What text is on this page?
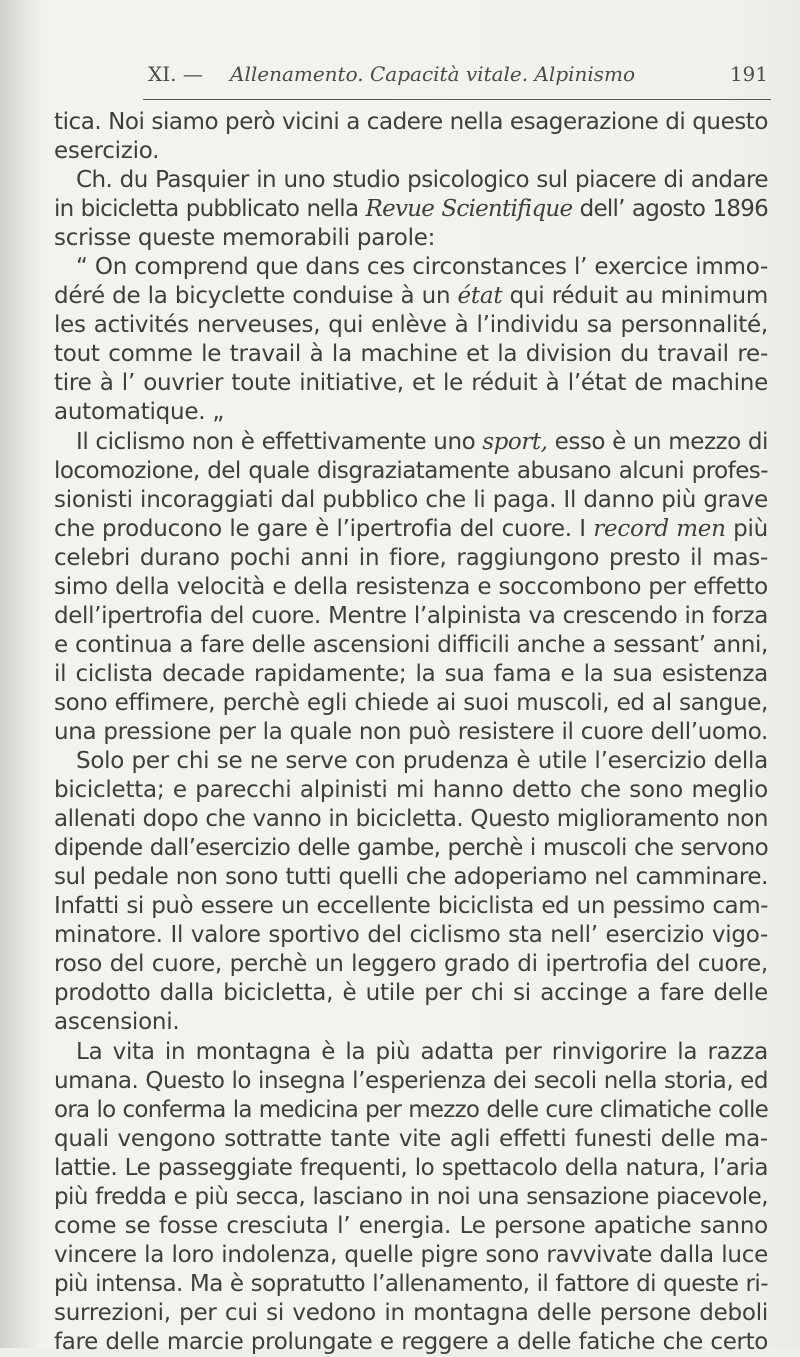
XI. — Allenamento. Capacità vitale. Alpinismo	191
tica. Noi siamo però vicini a cadere nella esagerazione di questo
esercizio.
Ch. du Pasquier in uno studio psicologico sul piacere di andare
in bicicletta pubblicato nella Revue Scientifique dell’ agosto 1896
scrisse queste memorabili parole:
“ On comprend que dans ces circonstances l’ exercice immo-
déré de la bicyclette conduise à un état qui réduit au minimum
les activités nerveuses, qui enlève à l’individu sa personnalité,
tout comme le travail à la machine et la division du travail re-
tire à l’ ouvrier toute initiative, et le réduit à l’état de machine
automatique. „
Il ciclismo non è effettivamente uno sport, esso è un mezzo di
locomozione, del quale disgraziatamente abusano alcuni profes-
sionisti incoraggiati dal pubblico che li paga. Il danno più grave
che producono le gare è l’ipertrofia del cuore. I record men più
celebri durano pochi anni in fiore, raggiungono presto il mas-
simo della velocità e della resistenza e soccombono per effetto
dell’ipertrofia del cuore. Mentre l’alpinista va crescendo in forza
e continua a fare delle ascensioni difficili anche a sessant’ anni,
il ciclista decade rapidamente; la sua fama e la sua esistenza
sono effimere, perchè egli chiede ai suoi muscoli, ed al sangue,
una pressione per la quale non può resistere il cuore dell’uomo.
Solo per chi se ne serve con prudenza è utile l’esercizio della
bicicletta; e parecchi alpinisti mi hanno detto che sono meglio
allenati dopo che vanno in bicicletta. Questo miglioramento non
dipende dall’esercizio delle gambe, perchè i muscoli che servono
sul pedale non sono tutti quelli che adoperiamo nel camminare.
Infatti si può essere un eccellente biciclista ed un pessimo cam-
minatore. Il valore sportivo del ciclismo sta nell’ esercizio vigo-
roso del cuore, perchè un leggero grado di ipertrofia del cuore,
prodotto dalla bicicletta, è utile per chi si accinge a fare delle
ascensioni.
La vita in montagna è la più adatta per rinvigorire la razza
umana. Questo lo insegna l’esperienza dei secoli nella storia, ed
ora lo conferma la medicina per mezzo delle cure climatiche colle
quali vengono sottratte tante vite agli effetti funesti delle ma-
lattie. Le passeggiate frequenti, lo spettacolo della natura, l’aria
più fredda e più secca, lasciano in noi una sensazione piacevole,
come se fosse cresciuta l’ energia. Le persone apatiche sanno
vincere la loro indolenza, quelle pigre sono ravvivate dalla luce
più intensa. Ma è sopratutto l’allenamento, il fattore di queste ri-
surrezioni, per cui si vedono in montagna delle persone deboli
fare delle marcie prolungate e reggere a delle fatiche che certo
